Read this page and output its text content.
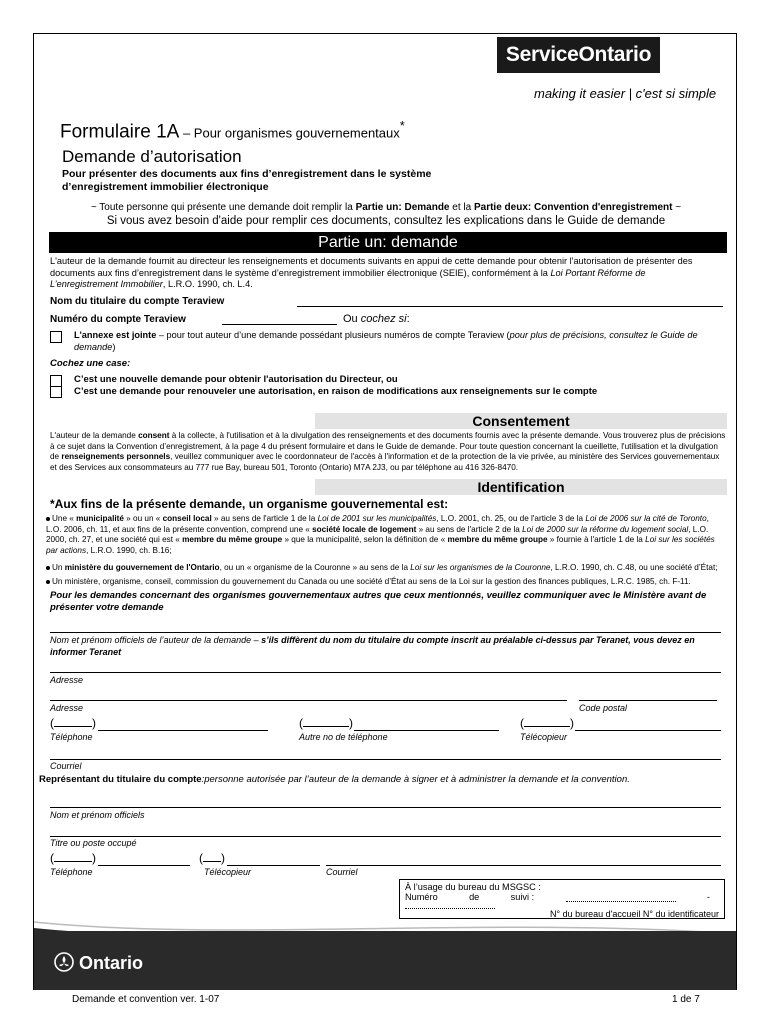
ServiceOntario
making it easier | c'est si simple
Formulaire 1A – Pour organismes gouvernementaux*
Demande d’autorisation
Pour présenter des documents aux fins d’enregistrement dans le système d’enregistrement immobilier électronique
~ Toute personne qui présente une demande doit remplir la Partie un: Demande et la Partie deux: Convention d'enregistrement ~
Si vous avez besoin d'aide pour remplir ces documents, consultez les explications dans le Guide de demande
Partie un: demande
L'auteur de la demande fournit au directeur les renseignements et documents suivants en appui de cette demande pour obtenir l'autorisation de présenter des documents aux fins d’enregistrement dans le système d’enregistrement immobilier électronique (SEIE), conformément à la Loi Portant Réforme de L’enregistrement Immobilier, L.R.O. 1990, ch. L.4.
Nom du titulaire du compte Teraview
Numéro du compte Teraview	Ou cochez si:
L'annexe est jointe – pour tout auteur d’une demande possédant plusieurs numéros de compte Teraview (pour plus de précisions, consultez le Guide de demande)
Cochez une case:
C’est une nouvelle demande pour obtenir l'autorisation du Directeur, ou
C’est une demande pour renouveler une autorisation, en raison de modifications aux renseignements sur le compte
Consentement
L'auteur de la demande consent à la collecte, à l'utilisation et à la divulgation des renseignements et des documents fournis avec la présente demande. Vous trouverez plus de précisions à ce sujet dans la Convention d’enregistrement, à la page 4 du présent formulaire et dans le Guide de demande. Pour toute question concernant la cueillette, l'utilisation et la divulgation de renseignements personnels, veuillez communiquer avec le coordonnateur de l'accès à l'information et de la protection de la vie privée, au ministère des Services gouvernementaux et des Services aux consommateurs au 777 rue Bay, bureau 501, Toronto (Ontario) M7A 2J3, ou par téléphone au 416 326-8470.
Identification
*Aux fins de la présente demande, un organisme gouvernemental est:
Une « municipalité » ou un « conseil local » au sens de l'article 1 de la Loi de 2001 sur les municipalités, L.O. 2001, ch. 25, ou de l'article 3 de la Loi de 2006 sur la cité de Toronto, L.O. 2006, ch. 11, et aux fins de la présente convention, comprend une « société locale de logement » au sens de l'article 2 de la Loi de 2000 sur la réforme du logement social, L.O. 2000, ch. 27, et une société qui est « membre du même groupe » que la municipalité, selon la définition de « membre du même groupe » fournie à l'article 1 de la Loi sur les sociétés par actions, L.R.O. 1990, ch. B.16;
Un ministère du gouvernement de l'Ontario, ou un « organisme de la Couronne » au sens de la Loi sur les organismes de la Couronne, L.R.O. 1990, ch. C.48, ou une société d’État;
Un ministère, organisme, conseil, commission du gouvernement du Canada ou une société d’État au sens de la Loi sur la gestion des finances publiques, L.R.C. 1985, ch. F-11.
Pour les demandes concernant des organismes gouvernementaux autres que ceux mentionnés, veuillez communiquer avec le Ministère avant de présenter votre demande
Nom et prénom officiels de l’auteur de la demande – s’ils diffèrent du nom du titulaire du compte inscrit au préalable ci-dessus par Teranet, vous devez en informer Teranet
Adresse
Adresse	Code postal
(	)	(	)	(	)
Téléphone	Autre no de téléphone	Télécopieur
Courriel
Représentant du titulaire du compte:personne autorisée par l’auteur de la demande à signer et à administrer la demande et la convention.
Nom et prénom officiels
Titre ou poste occupé
(	)	( )
Téléphone	Télécopieur	Courriel
À l’usage du bureau du MSGSC :
Numéro	de	suivi :	-
N° du bureau d'accueil N° du identificateur
Ontario
Demande et convention ver. 1-07	1 de 7
